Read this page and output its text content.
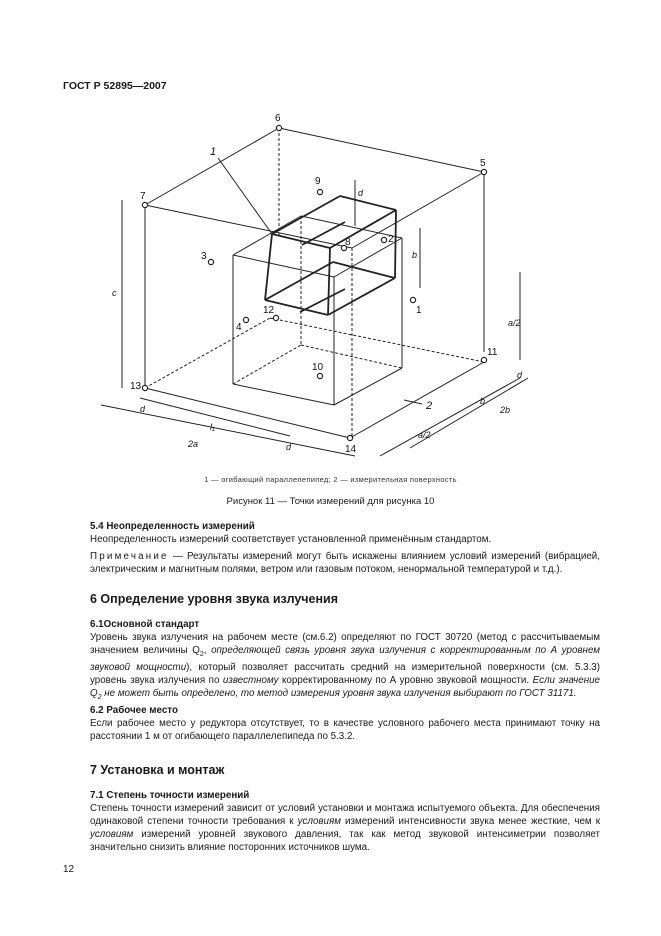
ГОСТ Р 52895—2007
6
7
5
9
3
8	2
12
4
1
10
11
13
14
1
2
c
d
b
a/2
d
l₁
2a	d
d
b
a/2
2b
1 — огибающий параллелепипед; 2 — измерительная поверхность
Рисунок 11 — Точки измерений для рисунка 10
5.4 Неопределенность измерений

Неопределенность измерений соответствует установленной применённым стандартом.

Примечание — Результаты измерений могут быть искажены влиянием условий измерений (вибрацией, электрическим и магнитным полями, ветром или газовым потоком, ненормальной температурой и т.д.).

6 Определение уровня звука излучения
6.1Основной стандарт

Уровень звука излучения на рабочем месте (см.6.2) определяют по ГОСТ 30720 (метод с рассчитываемым значением величины $Q_2$, определяющей связь уровня звука излучения с корректированным по А уровнем звуковой мощности), который позволяет рассчитать средний на измерительной поверхности (см. 5.3.3) уровень звука излучения по известному корректированному по А уровню звуковой мощности. Если значение $Q_2$ не может быть определено, то метод измерения уровня звука излучения выбирают по ГОСТ 31171.

6.2 Рабочее место

Если рабочее место у редуктора отсутствует, то в качестве условного рабочего места принимают точку на расстоянии 1 м от огибающего параллелепипеда по 5.3.2.

7 Установка и монтаж
7.1 Степень точности измерений

Степень точности измерений зависит от условий установки и монтажа испытуемого объекта. Для обеспечения одинаковой степени точности требования к условиям измерений интенсивности звука менее жесткие, чем к условиям измерений уровней звукового давления, так как метод звуковой интенсиметрии позволяет значительно снизить влияние посторонних источников шума.

12
